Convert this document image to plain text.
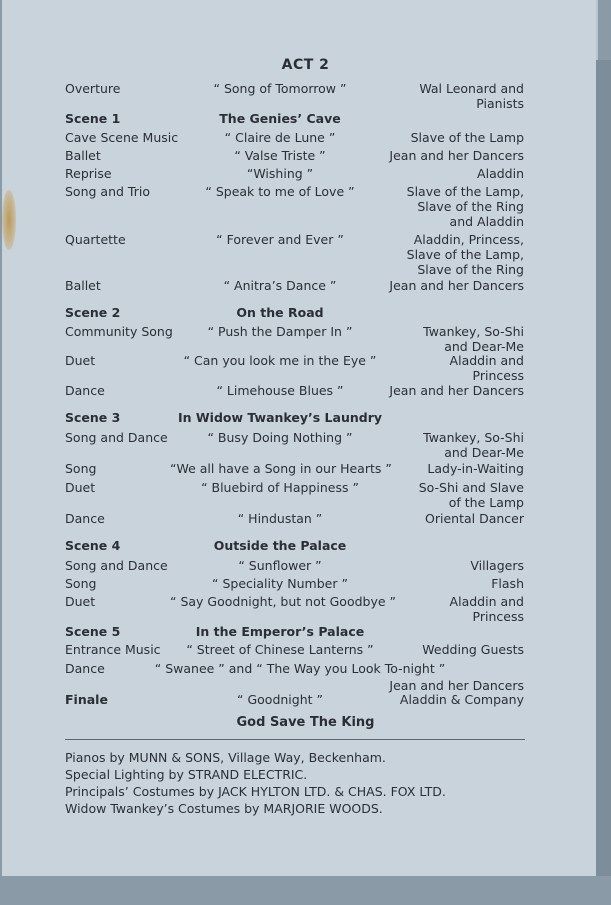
ACT 2
Overture	“ Song of Tomorrow ”	Wal Leonard and
Pianists
Scene 1	The Genies’ Cave
Cave Scene Music	“ Claire de Lune ”	Slave of the Lamp
Ballet	“ Valse Triste ”	Jean and her Dancers
Reprise	“Wishing ”	Aladdin
Song and Trio	“ Speak to me of Love ”	Slave of the Lamp,
Slave of the Ring
and Aladdin
Quartette	“ Forever and Ever ”	Aladdin, Princess,
Slave of the Lamp,
Slave of the Ring
Ballet	“ Anitra’s Dance ”	Jean and her Dancers
Scene 2	On the Road
Community Song	“ Push the Damper In ”	Twankey, So-Shi
and Dear-Me
Duet	“ Can you look me in the Eye ”	Aladdin and
Princess
Dance	“ Limehouse Blues ”	Jean and her Dancers
Scene 3	In Widow Twankey’s Laundry
Song and Dance	“ Busy Doing Nothing ”	Twankey, So-Shi
and Dear-Me
Song	“We all have a Song in our Hearts ”	Lady-in-Waiting
Duet	“ Bluebird of Happiness ”	So-Shi and Slave
of the Lamp
Dance	“ Hindustan ”	Oriental Dancer
Scene 4	Outside the Palace
Song and Dance	“ Sunflower ”	Villagers
Song	“ Speciality Number ”	Flash
Duet	“ Say Goodnight, but not Goodbye ”	Aladdin and
Princess
Scene 5	In the Emperor’s Palace
Entrance Music	“ Street of Chinese Lanterns ”	Wedding Guests
Dance	“ Swanee ” and “ The Way you Look To-night ”
Jean and her Dancers
Finale	“ Goodnight ”	Aladdin & Company
God Save The King
Pianos by MUNN & SONS, Village Way, Beckenham.
Special Lighting by STRAND ELECTRIC.
Principals’ Costumes by JACK HYLTON LTD. & CHAS. FOX LTD.
Widow Twankey’s Costumes by MARJORIE WOODS.
